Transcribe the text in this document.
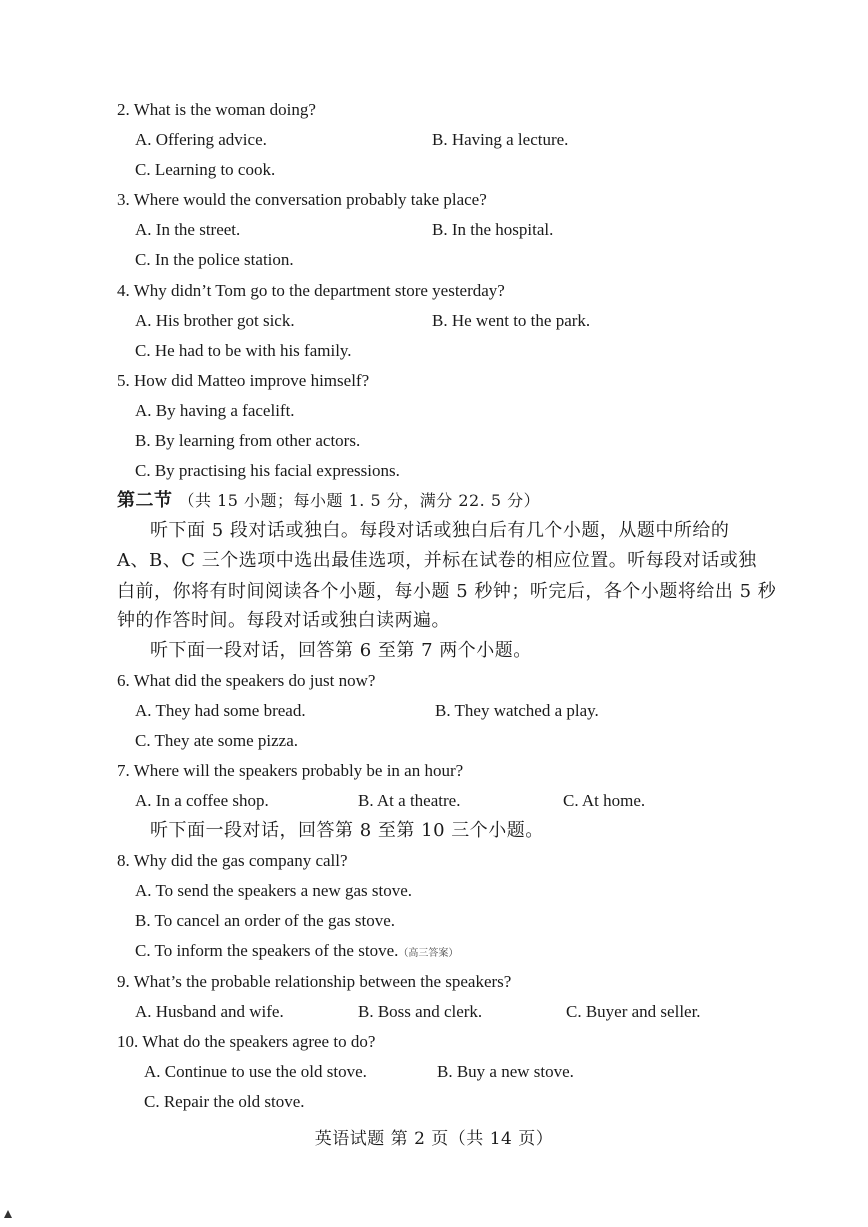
2. What is the woman doing?
A. Offering advice.	B. Having a lecture.
C. Learning to cook.
3. Where would the conversation probably take place?
A. In the street.	B. In the hospital.
C. In the police station.
4. Why didn’t Tom go to the department store yesterday?
A. His brother got sick.	B. He went to the park.
C. He had to be with his family.
5. How did Matteo improve himself?
A. By having a facelift.
B. By learning from other actors.
C. By practising his facial expressions.
第二节 （共 15 小题；每小题 1. 5 分，满分 22. 5 分）
听下面 5 段对话或独白。每段对话或独白后有几个小题，从题中所给的
A、B、C 三个选项中选出最佳选项，并标在试卷的相应位置。听每段对话或独
白前，你将有时间阅读各个小题，每小题 5 秒钟；听完后，各个小题将给出 5 秒
钟的作答时间。每段对话或独白读两遍。
听下面一段对话，回答第 6 至第 7 两个小题。
6. What did the speakers do just now?
A. They had some bread.	B. They watched a play.
C. They ate some pizza.
7. Where will the speakers probably be in an hour?
A. In a coffee shop.	B. At a theatre.	C. At home.
听下面一段对话，回答第 8 至第 10 三个小题。
8. Why did the gas company call?
A. To send the speakers a new gas stove.
B. To cancel an order of the gas stove.
C. To inform the speakers of the stove.（高三答案）
9. What’s the probable relationship between the speakers?
A. Husband and wife.	B. Boss and clerk.	C. Buyer and seller.
10. What do the speakers agree to do?
A. Continue to use the old stove.	B. Buy a new stove.
C. Repair the old stove.
英语试题 第 2 页（共 14 页）
